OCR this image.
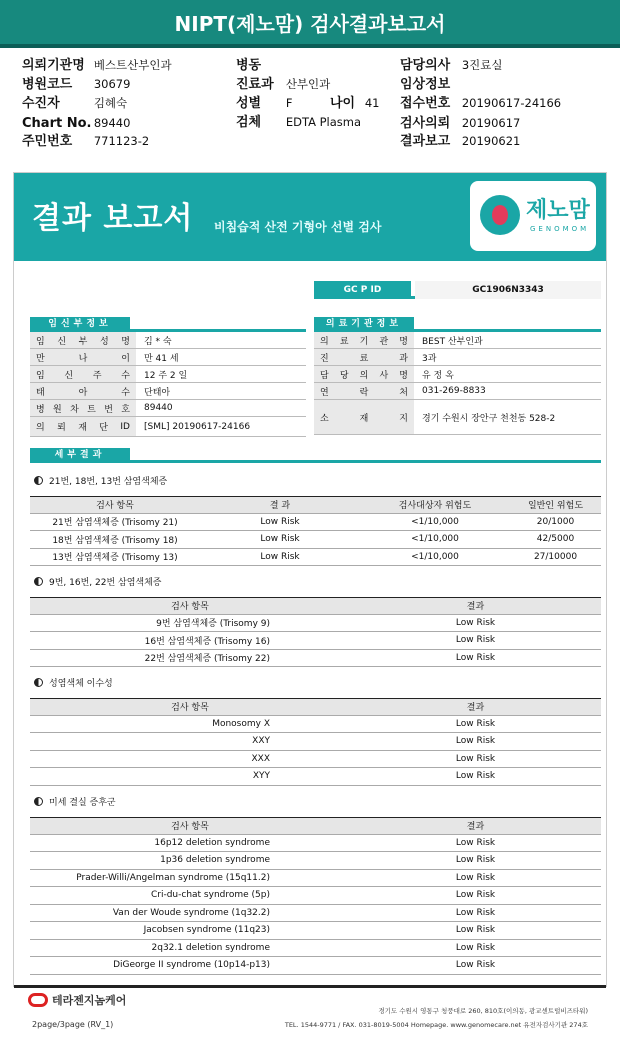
NIPT(제노맘) 검사결과보고서
의뢰기관명 베스트산부인과
병원코드 30679
수진자	김혜숙
Chart No. 89440
주민번호 771123-2
병동
진료과 산부인과
성별 F	나이 41
검체 EDTA Plasma
담당의사 3진료실
임상정보
접수번호 20190617-24166
검사의뢰 20190617
결과보고 20190621
결과 보고서 비침습적 산전 기형아 선별 검사
제노맘
GENOMOM
GC P ID	GC1906N3343
임신부정보	의료기관정보
임 신 부 성 명	김 * 숙
만	나	이	만 41 세
임 신 주 수	12 주 2 일
태	아	수	단태아
병 원 차 트 번 호	89440
의 뢰 재 단 ID	[SML] 20190617-24166
의 료 기 관 명	BEST 산부인과
진	료	과	3과
담 당 의 사 명	유 정 옥
연	락	처	031-269-8833
소	재	지	경기 수원시 장안구 천천동 528-2
세부결과
21번, 18번, 13번 삼염색체증
검사 항목	결 과	검사대상자 위험도	일반인 위험도
21번 삼염색체증 (Trisomy 21)	Low Risk	<1/10,000	20/1000
18번 삼염색체증 (Trisomy 18)	Low Risk	<1/10,000	42/5000
13번 삼염색체증 (Trisomy 13)	Low Risk	<1/10,000	27/10000
9번, 16번, 22번 삼염색체증
검사 항목	결과
9번 삼염색체증 (Trisomy 9)	Low Risk
16번 삼염색체증 (Trisomy 16)	Low Risk
22번 삼염색체증 (Trisomy 22)	Low Risk
성염색체 이수성
검사 항목	결과
Monosomy X	Low Risk
XXY	Low Risk
XXX	Low Risk
XYY	Low Risk
미세 결실 증후군
검사 항목	결과
16p12 deletion syndrome	Low Risk
1p36 deletion syndrome	Low Risk
Prader-Willi/Angelman syndrome (15q11.2)	Low Risk
Cri-du-chat syndrome (5p)	Low Risk
Van der Woude syndrome (1q32.2)	Low Risk
Jacobsen syndrome (11q23)	Low Risk
2q32.1 deletion syndrome	Low Risk
DiGeorge II syndrome (10p14-p13)	Low Risk
테라젠지놈케어
경기도 수원시 영통구 청풍대로 260, 810호(이의동, 광교센트럴비즈타워)
TEL. 1544-9771 / FAX. 031-8019-5004 Homepage. www.genomecare.net 유전자검사기관 274호
2page/3page (RV_1)
